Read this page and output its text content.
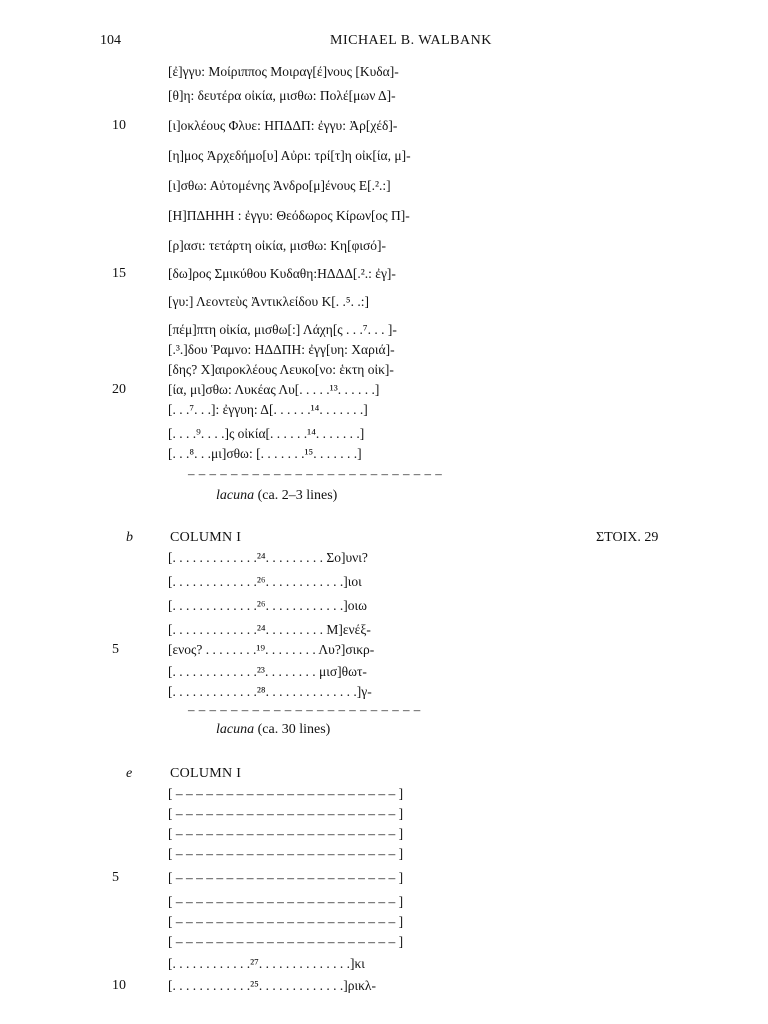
104	MICHAEL B. WALBANK
[ἐ]γγυ: Μοίριππος Μοιραγ[έ]νους [Κυδα]-
[θ]η: δευτέρα οἰκία, μισθω: Πολέ[μων Δ]-
10	[ι]οκλέους Φλυε: ΗΠΔΔΠ: ἐγγυ: Ἀρ[χέδ]-
[η]μος Ἀρχεδήμο[υ] Αὐρι: τρί[τ]η οἰκ[ία, μ]-
[ι]σθω: Αὐτομένης Ἀνδρο[μ]ένους Ε[.².:]
[Η]ΠΔΗΗΗ : ἐγγυ: Θεόδωρος Κίρων[ος Π]-
[ρ]ασι: τετάρτη οἰκία, μισθω: Κη[φισό]-
15	[δω]ρος Σμικύθου Κυδαθη:ΗΔΔΔ[.².: ἐγ]-
[γυ:] Λεοντεὺς Ἀντικλείδου Κ[. .⁵. .:]
[πέμ]πτη οἰκία, μισθω[:] Λάχη[ς . . .⁷. . . ]-
[.³.]δου Ῥαμνο: ΗΔΔΠΗ: ἐγγ[υη: Χαριά]-
[δης? Χ]αιροκλέους Λευκο[νο: ἑκτη οἰκ]-
20	[ία, μι]σθω: Λυκέας Λυ[. . . . .¹³. . . . . .]
[. . .⁷. . .]: ἐγγυη: Δ[. . . . . .¹⁴. . . . . . .]
[. . . .⁹. . . .]ς οἰκία[. . . . . .¹⁴. . . . . . .]
[. . .⁸. . .μι]σθω: [. . . . . . .¹⁵. . . . . . .]
– – – – – – – – – – – – – – – – – – – – – – – –
lacuna (ca. 2–3 lines)
b	COLUMN I	ΣΤΟΙΧ. 29
[. . . . . . . . . . . . .²⁴. . . . . . . . . Σο]υνι?
[. . . . . . . . . . . . .²⁶. . . . . . . . . . . .]ιοι
[. . . . . . . . . . . . .²⁶. . . . . . . . . . . .]οιω
[. . . . . . . . . . . . .²⁴. . . . . . . . . Μ]ενέξ-
5	[ενος? . . . . . . . .¹⁹. . . . . . . . Λυ?]σικρ-
[. . . . . . . . . . . . .²³. . . . . . . . μισ]θωτ-
[. . . . . . . . . . . . .²⁸. . . . . . . . . . . . . .]γ-
– – – – – – – – – – – – – – – – – – – – – –
lacuna (ca. 30 lines)
e	COLUMN I
[ – – – – – – – – – – – – – – – – – – – – – – ]
[ – – – – – – – – – – – – – – – – – – – – – – ]
[ – – – – – – – – – – – – – – – – – – – – – – ]
[ – – – – – – – – – – – – – – – – – – – – – – ]
5	[ – – – – – – – – – – – – – – – – – – – – – – ]
[ – – – – – – – – – – – – – – – – – – – – – – ]
[ – – – – – – – – – – – – – – – – – – – – – – ]
[ – – – – – – – – – – – – – – – – – – – – – – ]
[. . . . . . . . . . . .²⁷. . . . . . . . . . . . . .]κι
10	[. . . . . . . . . . . .²⁵. . . . . . . . . . . . .]ρικλ-
